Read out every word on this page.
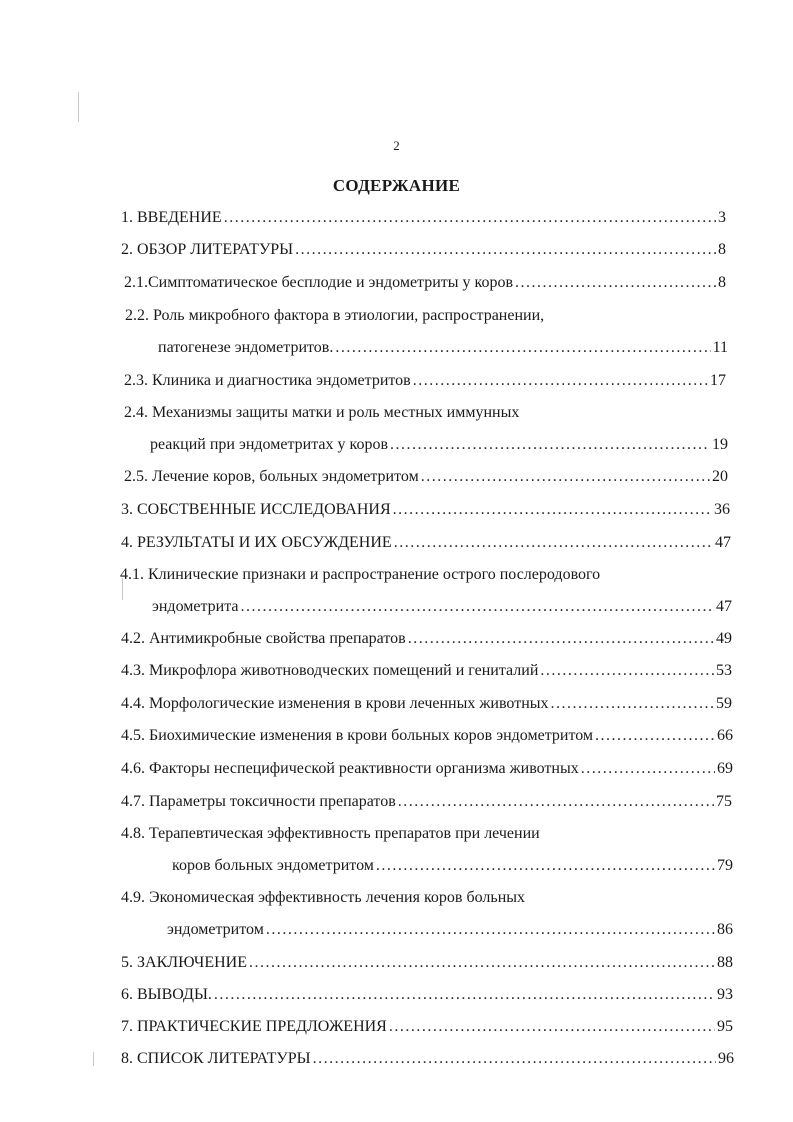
2
СОДЕРЖАНИЕ
1. ВВЕДЕНИЕ .....	3
2. ОБЗОР ЛИТЕРАТУРЫ .....	8
2.1.Симптоматическое бесплодие и эндометриты у коров .....	8
2.2. Роль микробного фактора в этиологии, распространении,
патогенезе эндометритов. .....	11
2.3. Клиника и диагностика эндометритов .....	17
2.4. Механизмы защиты матки и роль местных иммунных
реакций при эндометритах у коров .....	19
2.5. Лечение коров, больных эндометритом .....	20
3. СОБСТВЕННЫЕ ИССЛЕДОВАНИЯ .....	36
4. РЕЗУЛЬТАТЫ И ИХ ОБСУЖДЕНИЕ .....	47
4.1. Клинические признаки и распространение острого послеродового
эндометрита .....	47
4.2. Антимикробные свойства препаратов .....	49
4.3. Микрофлора животноводческих помещений и гениталий .....	53
4.4. Морфологические изменения в крови леченных животных .....	59
4.5. Биохимические изменения в крови больных коров эндометритом .....	66
4.6. Факторы неспецифической реактивности организма животных .....	69
4.7. Параметры токсичности препаратов .....	75
4.8. Терапевтическая эффективность препаратов при лечении
коров больных эндометритом .....	79
4.9. Экономическая эффективность лечения коров больных
эндометритом .....	86
5. ЗАКЛЮЧЕНИЕ .....	88
6. ВЫВОДЫ. .....	93
7. ПРАКТИЧЕСКИЕ ПРЕДЛОЖЕНИЯ .....	95
8. СПИСОК ЛИТЕРАТУРЫ .....	96
